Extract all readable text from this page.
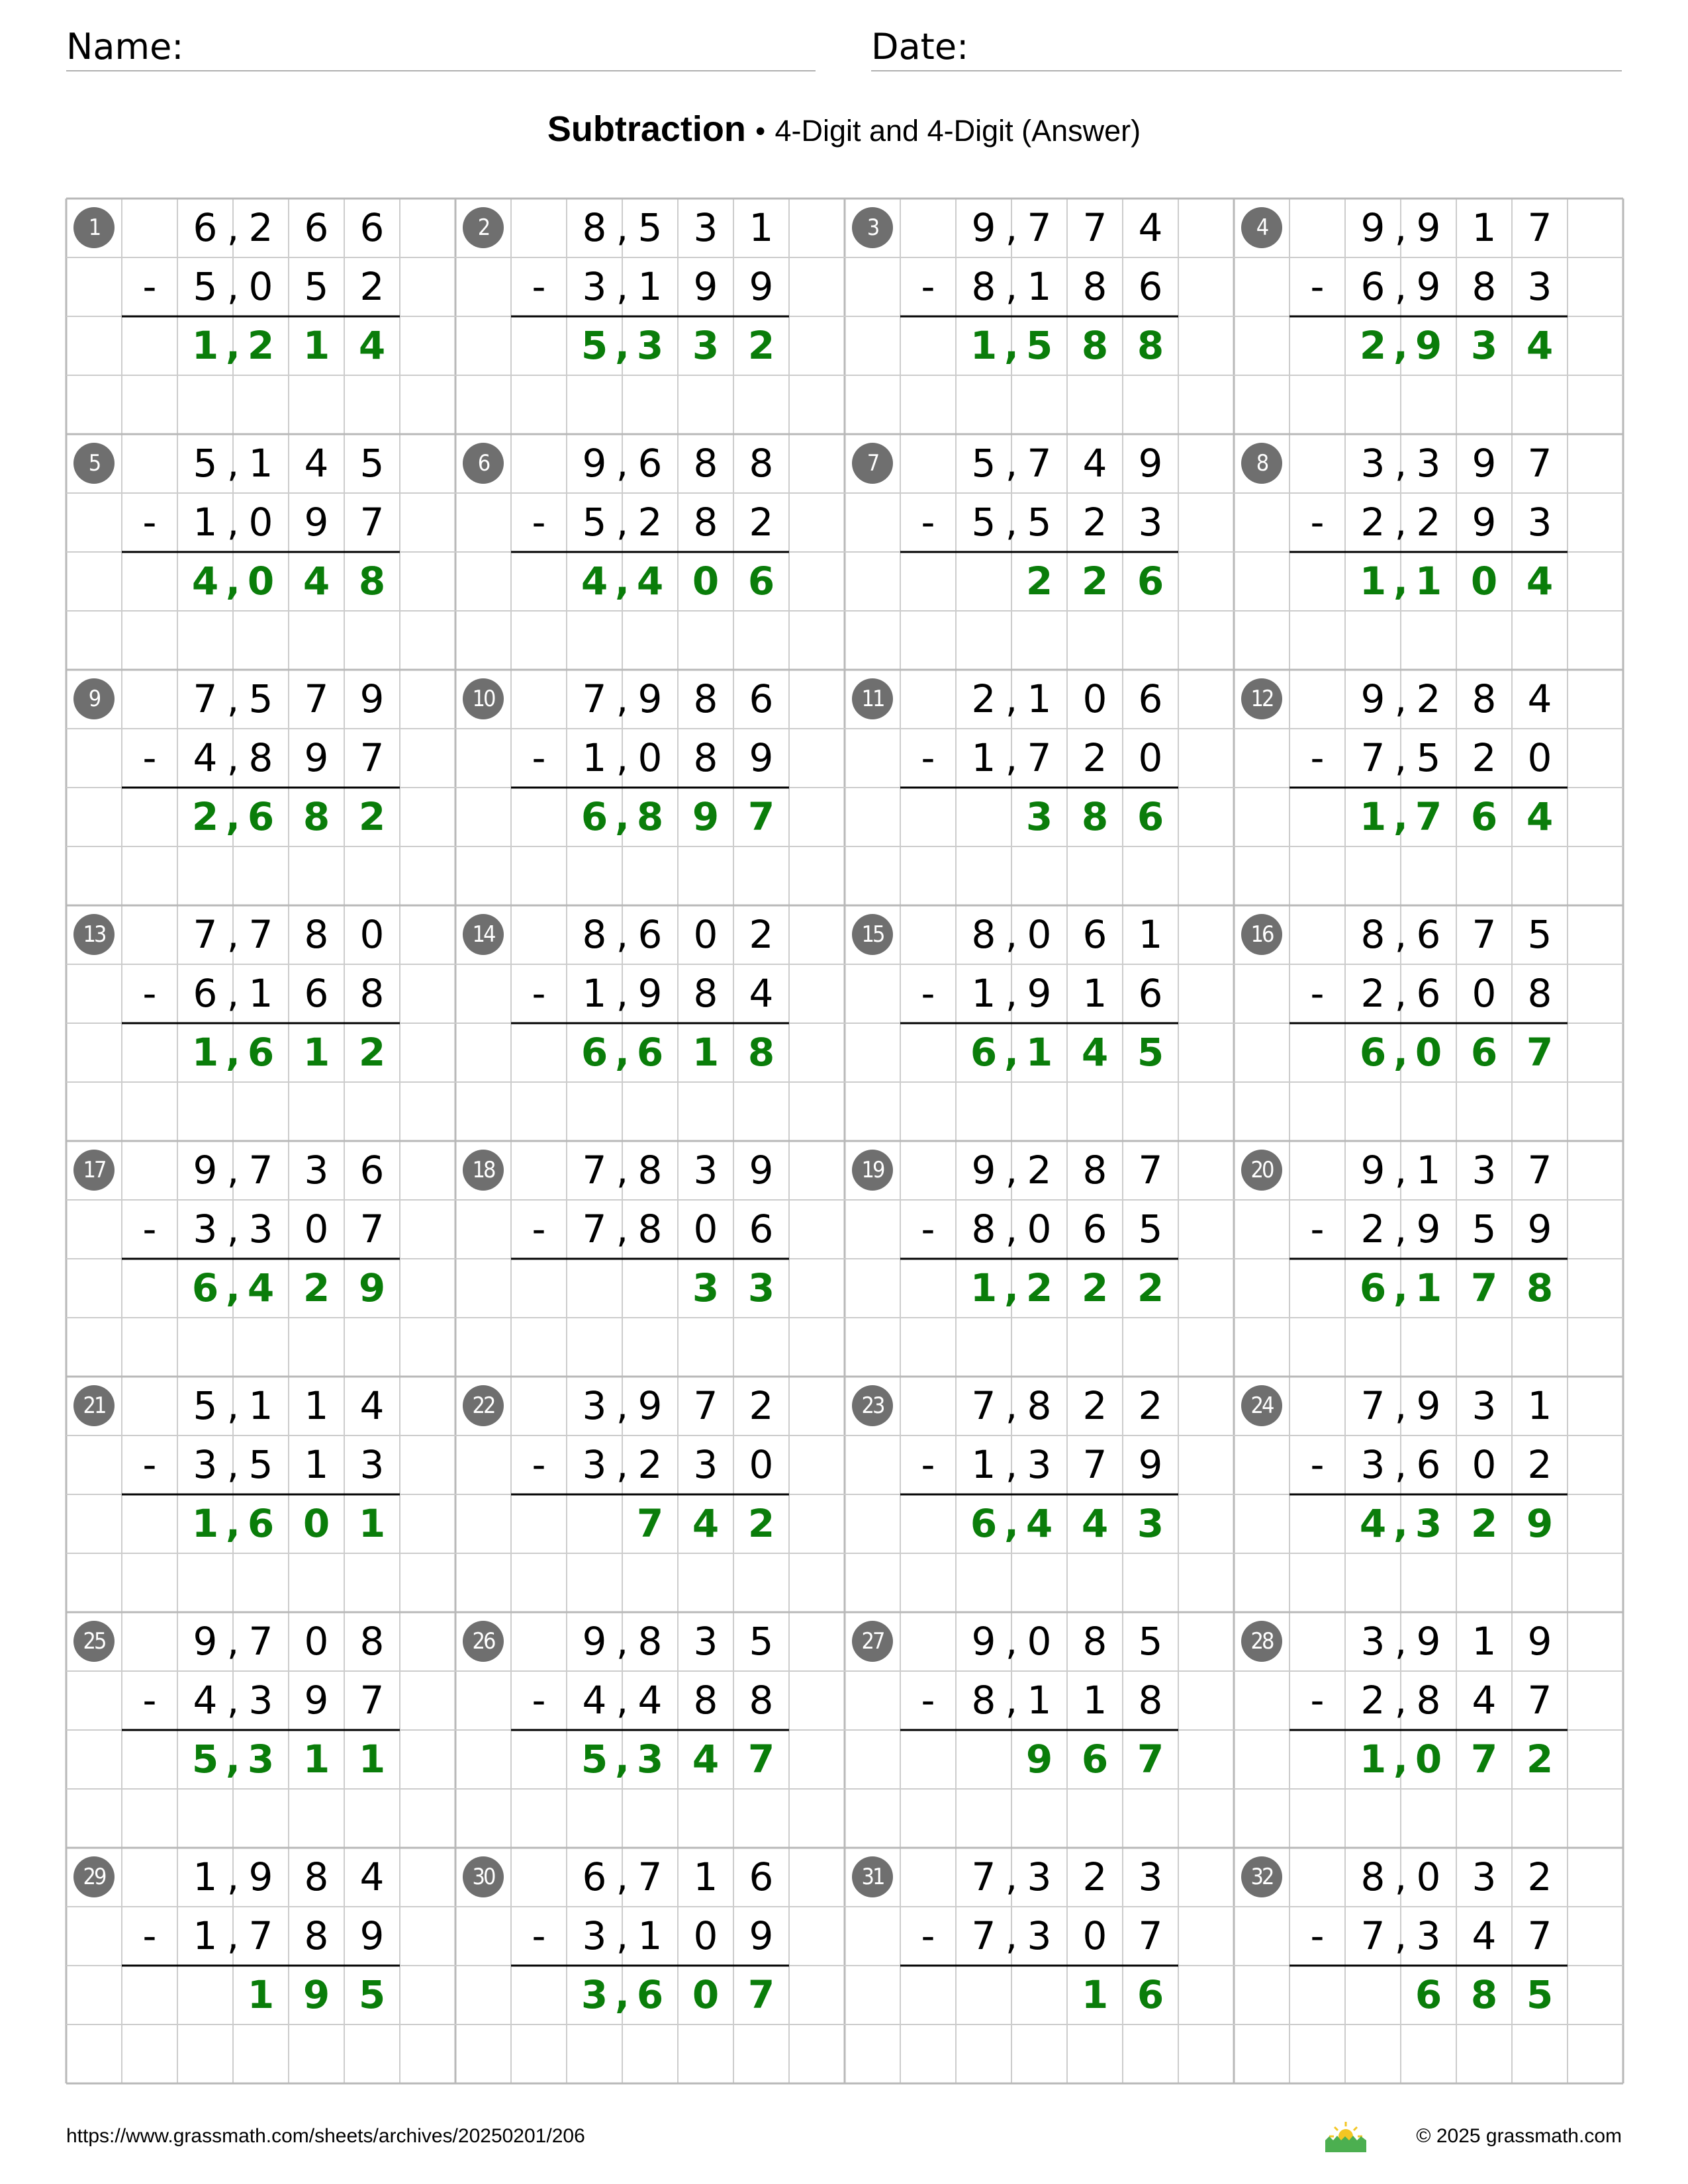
Name:	Date:
Subtraction • 4-Digit and 4-Digit (Answer)
1	6 , 2 6 6
- 5 , 0 5 2
1 , 2 1 4
2	8 , 5 3 1
- 3 , 1 9 9
5 , 3 3 2
3	9 , 7 7 4
- 8 , 1 8 6
1 , 5 8 8
4	9 , 9 1 7
- 6 , 9 8 3
2 , 9 3 4
5	5 , 1 4 5
- 1 , 0 9 7
4 , 0 4 8
6	9 , 6 8 8
- 5 , 2 8 2
4 , 4 0 6
7	5 , 7 4 9
- 5 , 5 2 3
2 2 6
8	3 , 3 9 7
- 2 , 2 9 3
1 , 1 0 4
9	7 , 5 7 9
- 4 , 8 9 7
2 , 6 8 2
10	7 , 9 8 6
- 1 , 0 8 9
6 , 8 9 7
11	2 , 1 0 6
- 1 , 7 2 0
3 8 6
12	9 , 2 8 4
- 7 , 5 2 0
1 , 7 6 4
13	7 , 7 8 0
- 6 , 1 6 8
1 , 6 1 2
14	8 , 6 0 2
- 1 , 9 8 4
6 , 6 1 8
15	8 , 0 6 1
- 1 , 9 1 6
6 , 1 4 5
16	8 , 6 7 5
- 2 , 6 0 8
6 , 0 6 7
17	9 , 7 3 6
- 3 , 3 0 7
6 , 4 2 9
18	7 , 8 3 9
- 7 , 8 0 6
3 3
19	9 , 2 8 7
- 8 , 0 6 5
1 , 2 2 2
20	9 , 1 3 7
- 2 , 9 5 9
6 , 1 7 8
21	5 , 1 1 4
- 3 , 5 1 3
1 , 6 0 1
22	3 , 9 7 2
- 3 , 2 3 0
7 4 2
23	7 , 8 2 2
- 1 , 3 7 9
6 , 4 4 3
24	7 , 9 3 1
- 3 , 6 0 2
4 , 3 2 9
25	9 , 7 0 8
- 4 , 3 9 7
5 , 3 1 1
26	9 , 8 3 5
- 4 , 4 8 8
5 , 3 4 7
27	9 , 0 8 5
- 8 , 1 1 8
9 6 7
28	3 , 9 1 9
- 2 , 8 4 7
1 , 0 7 2
29	1 , 9 8 4
- 1 , 7 8 9
1 9 5
30	6 , 7 1 6
- 3 , 1 0 9
3 , 6 0 7
31	7 , 3 2 3
- 7 , 3 0 7
1 6
32	8 , 0 3 2
- 7 , 3 4 7
6 8 5
https://www.grassmath.com/sheets/archives/20250201/206	© 2025 grassmath.com
